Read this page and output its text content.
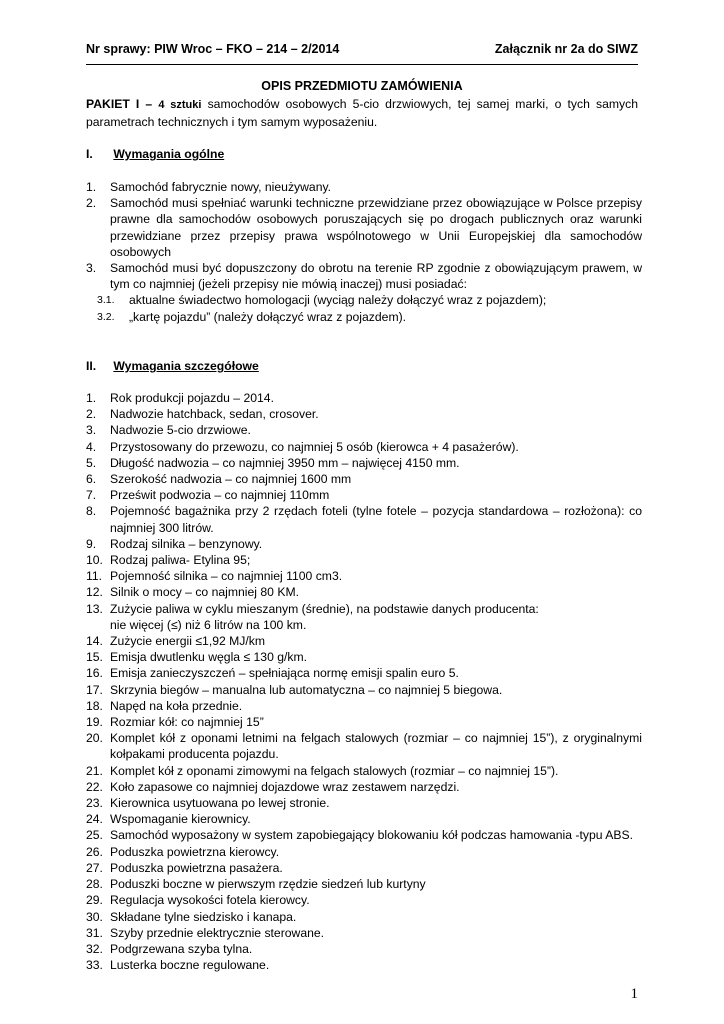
Nr sprawy: PIW Wroc – FKO – 214 – 2/2014	Załącznik nr 2a do SIWZ
OPIS PRZEDMIOTU ZAMÓWIENIA
PAKIET I – 4 sztuki samochodów osobowych 5-cio drzwiowych, tej samej marki, o tych samych parametrach technicznych i tym samym wyposażeniu.
I. Wymagania ogólne
1. Samochód fabrycznie nowy, nieużywany.
2. Samochód musi spełniać warunki techniczne przewidziane przez obowiązujące w Polsce przepisy prawne dla samochodów osobowych poruszających się po drogach publicznych oraz warunki przewidziane przez przepisy prawa wspólnotowego w Unii Europejskiej dla samochodów osobowych
3. Samochód musi być dopuszczony do obrotu na terenie RP zgodnie z obowiązującym prawem, w tym co najmniej (jeżeli przepisy nie mówią inaczej) musi posiadać:
3.1. aktualne świadectwo homologacji (wyciąg należy dołączyć wraz z pojazdem);
3.2. „kartę pojazdu” (należy dołączyć wraz z pojazdem).
II. Wymagania szczegółowe
1. Rok produkcji pojazdu – 2014.
2. Nadwozie hatchback, sedan, crosover.
3. Nadwozie 5-cio drzwiowe.
4. Przystosowany do przewozu, co najmniej 5 osób (kierowca + 4 pasażerów).
5. Długość nadwozia – co najmniej 3950 mm – najwięcej 4150 mm.
6. Szerokość nadwozia – co najmniej 1600 mm
7. Prześwit podwozia – co najmniej 110mm
8. Pojemność bagażnika przy 2 rzędach foteli (tylne fotele – pozycja standardowa – rozłożona): co najmniej 300 litrów.
9. Rodzaj silnika – benzynowy.
10. Rodzaj paliwa- Etylina 95;
11. Pojemność silnika – co najmniej 1100 cm3.
12. Silnik o mocy – co najmniej 80 KM.
13. Zużycie paliwa w cyklu mieszanym (średnie), na podstawie danych producenta:
nie więcej (≤) niż 6 litrów na 100 km.
14. Zużycie energii ≤1,92 MJ/km
15. Emisja dwutlenku węgla ≤ 130 g/km.
16. Emisja zanieczyszczeń – spełniająca normę emisji spalin euro 5.
17. Skrzynia biegów – manualna lub automatyczna – co najmniej 5 biegowa.
18. Napęd na koła przednie.
19. Rozmiar kół: co najmniej 15”
20. Komplet kół z oponami letnimi na felgach stalowych (rozmiar – co najmniej 15”), z oryginalnymi kołpakami producenta pojazdu.
21. Komplet kół z oponami zimowymi na felgach stalowych (rozmiar – co najmniej 15”).
22. Koło zapasowe co najmniej dojazdowe wraz zestawem narzędzi.
23. Kierownica usytuowana po lewej stronie.
24. Wspomaganie kierownicy.
25. Samochód wyposażony w system zapobiegający blokowaniu kół podczas hamowania -typu ABS.
26. Poduszka powietrzna kierowcy.
27. Poduszka powietrzna pasażera.
28. Poduszki boczne w pierwszym rzędzie siedzeń lub kurtyny
29. Regulacja wysokości fotela kierowcy.
30. Składane tylne siedzisko i kanapa.
31. Szyby przednie elektrycznie sterowane.
32. Podgrzewana szyba tylna.
33. Lusterka boczne regulowane.
1
